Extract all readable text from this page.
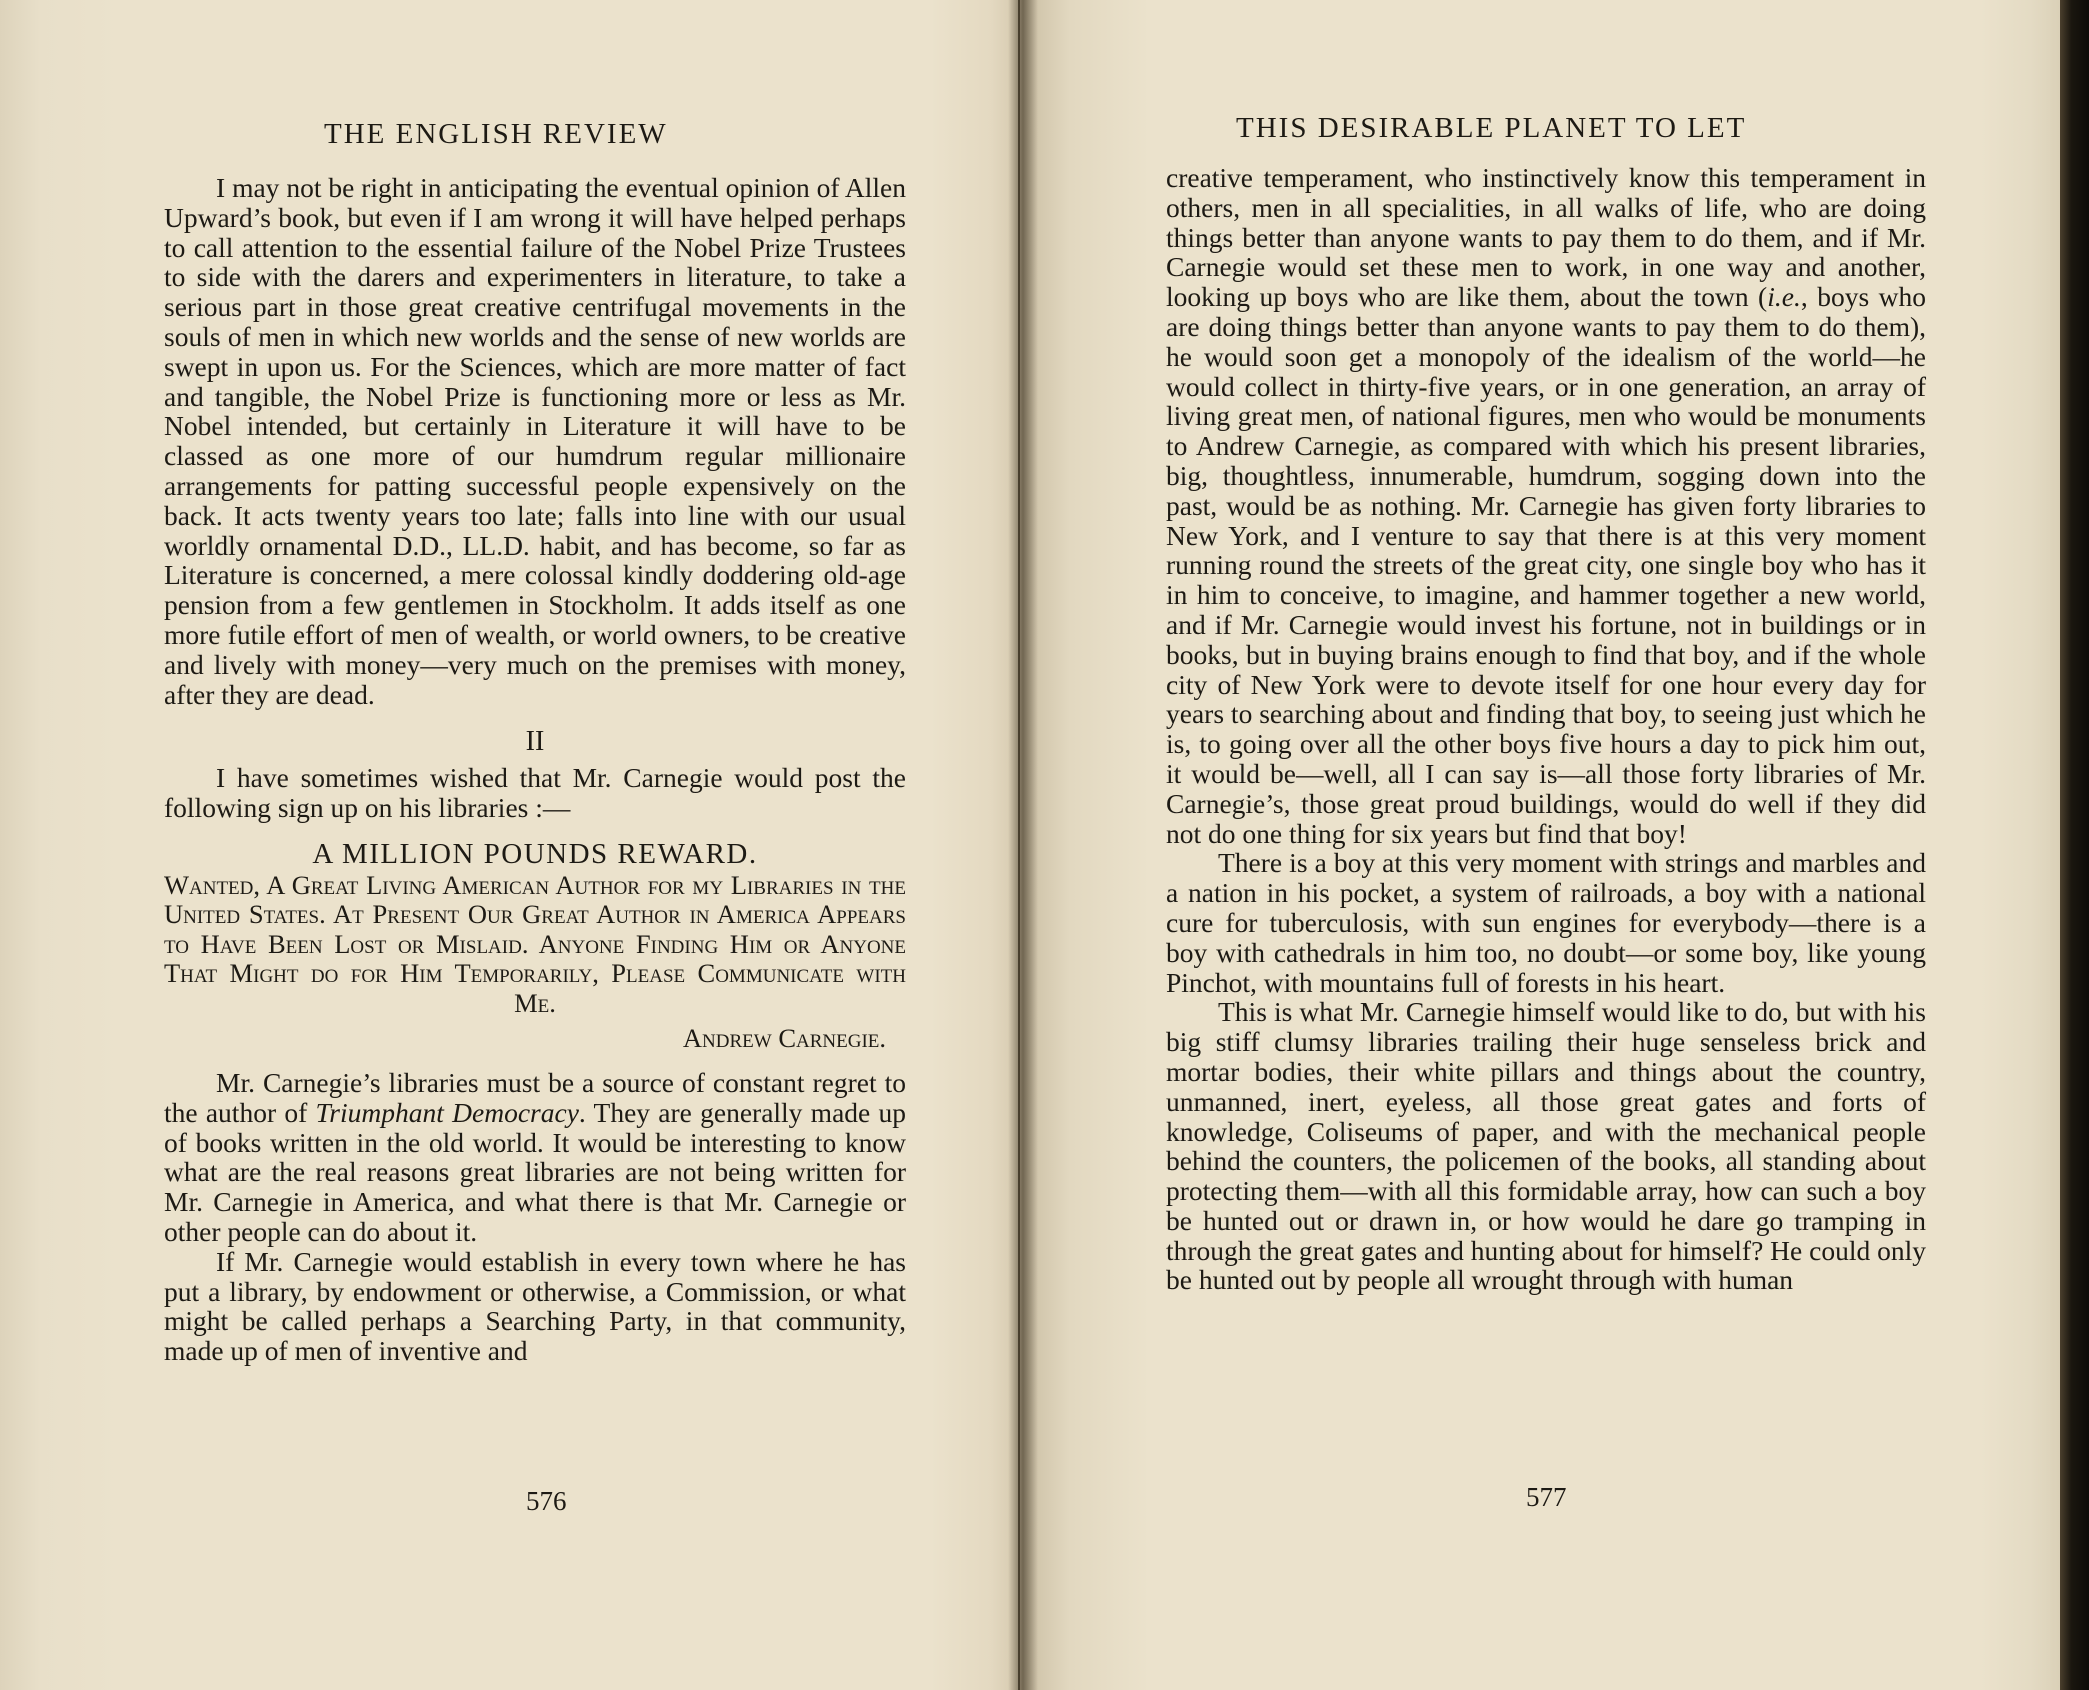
THE ENGLISH REVIEW

I may not be right in anticipating the eventual opinion of Allen Upward’s book, but even if I am wrong it will have helped perhaps to call attention to the essential failure of the Nobel Prize Trustees to side with the darers and experimenters in literature, to take a serious part in those great creative centrifugal movements in the souls of men in which new worlds and the sense of new worlds are swept in upon us. For the Sciences, which are more matter of fact and tangible, the Nobel Prize is functioning more or less as Mr. Nobel intended, but certainly in Literature it will have to be classed as one more of our humdrum regular millionaire arrangements for patting successful people expensively on the back. It acts twenty years too late; falls into line with our usual worldly ornamental D.D., LL.D. habit, and has become, so far as Literature is concerned, a mere colossal kindly doddering old-age pension from a few gentlemen in Stockholm. It adds itself as one more futile effort of men of wealth, or world owners, to be creative and lively with money—very much on the premises with money, after they are dead.

II

I have sometimes wished that Mr. Carnegie would post the following sign up on his libraries :—

A MILLION POUNDS REWARD.
Wanted, A Great Living American Author for my Libraries in the United States. At Present Our Great Author in America Appears to Have Been Lost or Mislaid. Anyone Finding Him or Anyone That Might do for Him Temporarily, Please Communicate with Me.
Andrew Carnegie.

Mr. Carnegie’s libraries must be a source of constant regret to the author of Triumphant Democracy. They are generally made up of books written in the old world. It would be interesting to know what are the real reasons great libraries are not being written for Mr. Carnegie in America, and what there is that Mr. Carnegie or other people can do about it.

If Mr. Carnegie would establish in every town where he has put a library, by endowment or otherwise, a Commission, or what might be called perhaps a Searching Party, in that community, made up of men of inventive and

576
THIS DESIRABLE PLANET TO LET

creative temperament, who instinctively know this temperament in others, men in all specialities, in all walks of life, who are doing things better than anyone wants to pay them to do them, and if Mr. Carnegie would set these men to work, in one way and another, looking up boys who are like them, about the town (i.e., boys who are doing things better than anyone wants to pay them to do them), he would soon get a monopoly of the idealism of the world—he would collect in thirty-five years, or in one generation, an array of living great men, of national figures, men who would be monuments to Andrew Carnegie, as compared with which his present libraries, big, thoughtless, innumerable, humdrum, sogging down into the past, would be as nothing. Mr. Carnegie has given forty libraries to New York, and I venture to say that there is at this very moment running round the streets of the great city, one single boy who has it in him to conceive, to imagine, and hammer together a new world, and if Mr. Carnegie would invest his fortune, not in buildings or in books, but in buying brains enough to find that boy, and if the whole city of New York were to devote itself for one hour every day for years to searching about and finding that boy, to seeing just which he is, to going over all the other boys five hours a day to pick him out, it would be—well, all I can say is—all those forty libraries of Mr. Carnegie’s, those great proud buildings, would do well if they did not do one thing for six years but find that boy!

There is a boy at this very moment with strings and marbles and a nation in his pocket, a system of railroads, a boy with a national cure for tuberculosis, with sun engines for everybody—there is a boy with cathedrals in him too, no doubt—or some boy, like young Pinchot, with mountains full of forests in his heart.

This is what Mr. Carnegie himself would like to do, but with his big stiff clumsy libraries trailing their huge senseless brick and mortar bodies, their white pillars and things about the country, unmanned, inert, eyeless, all those great gates and forts of knowledge, Coliseums of paper, and with the mechanical people behind the counters, the policemen of the books, all standing about protecting them—with all this formidable array, how can such a boy be hunted out or drawn in, or how would he dare go tramping in through the great gates and hunting about for himself? He could only be hunted out by people all wrought through with human

577
